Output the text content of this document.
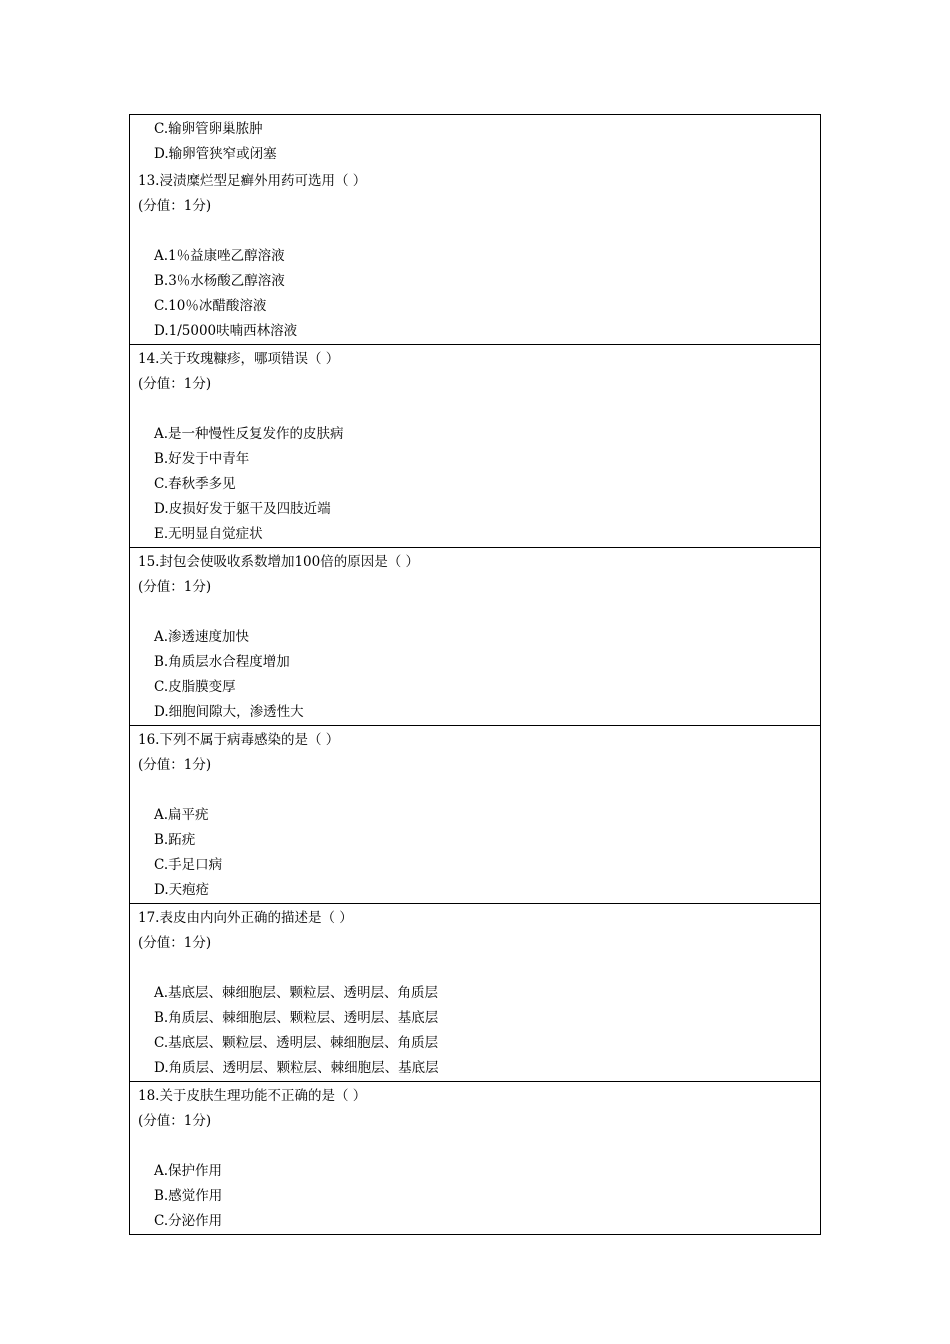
C.输卵管卵巢脓肿
D.输卵管狭窄或闭塞
13.浸渍糜烂型足癣外用药可选用（ ）
(分值：1分)
A.1％益康唑乙醇溶液
B.3％水杨酸乙醇溶液
C.10％冰醋酸溶液
D.1/5000呋喃西林溶液
14.关于玫瑰糠疹，哪项错误（ ）
(分值：1分)
A.是一种慢性反复发作的皮肤病
B.好发于中青年
C.春秋季多见
D.皮损好发于躯干及四肢近端
E.无明显自觉症状
15.封包会使吸收系数增加100倍的原因是（ ）
(分值：1分)
A.渗透速度加快
B.角质层水合程度增加
C.皮脂膜变厚
D.细胞间隙大，渗透性大
16.下列不属于病毒感染的是（ ）
(分值：1分)
A.扁平疣
B.跖疣
C.手足口病
D.天疱疮
17.表皮由内向外正确的描述是（ ）
(分值：1分)
A.基底层、棘细胞层、颗粒层、透明层、角质层
B.角质层、棘细胞层、颗粒层、透明层、基底层
C.基底层、颗粒层、透明层、棘细胞层、角质层
D.角质层、透明层、颗粒层、棘细胞层、基底层
18.关于皮肤生理功能不正确的是（ ）
(分值：1分)
A.保护作用
B.感觉作用
C.分泌作用
